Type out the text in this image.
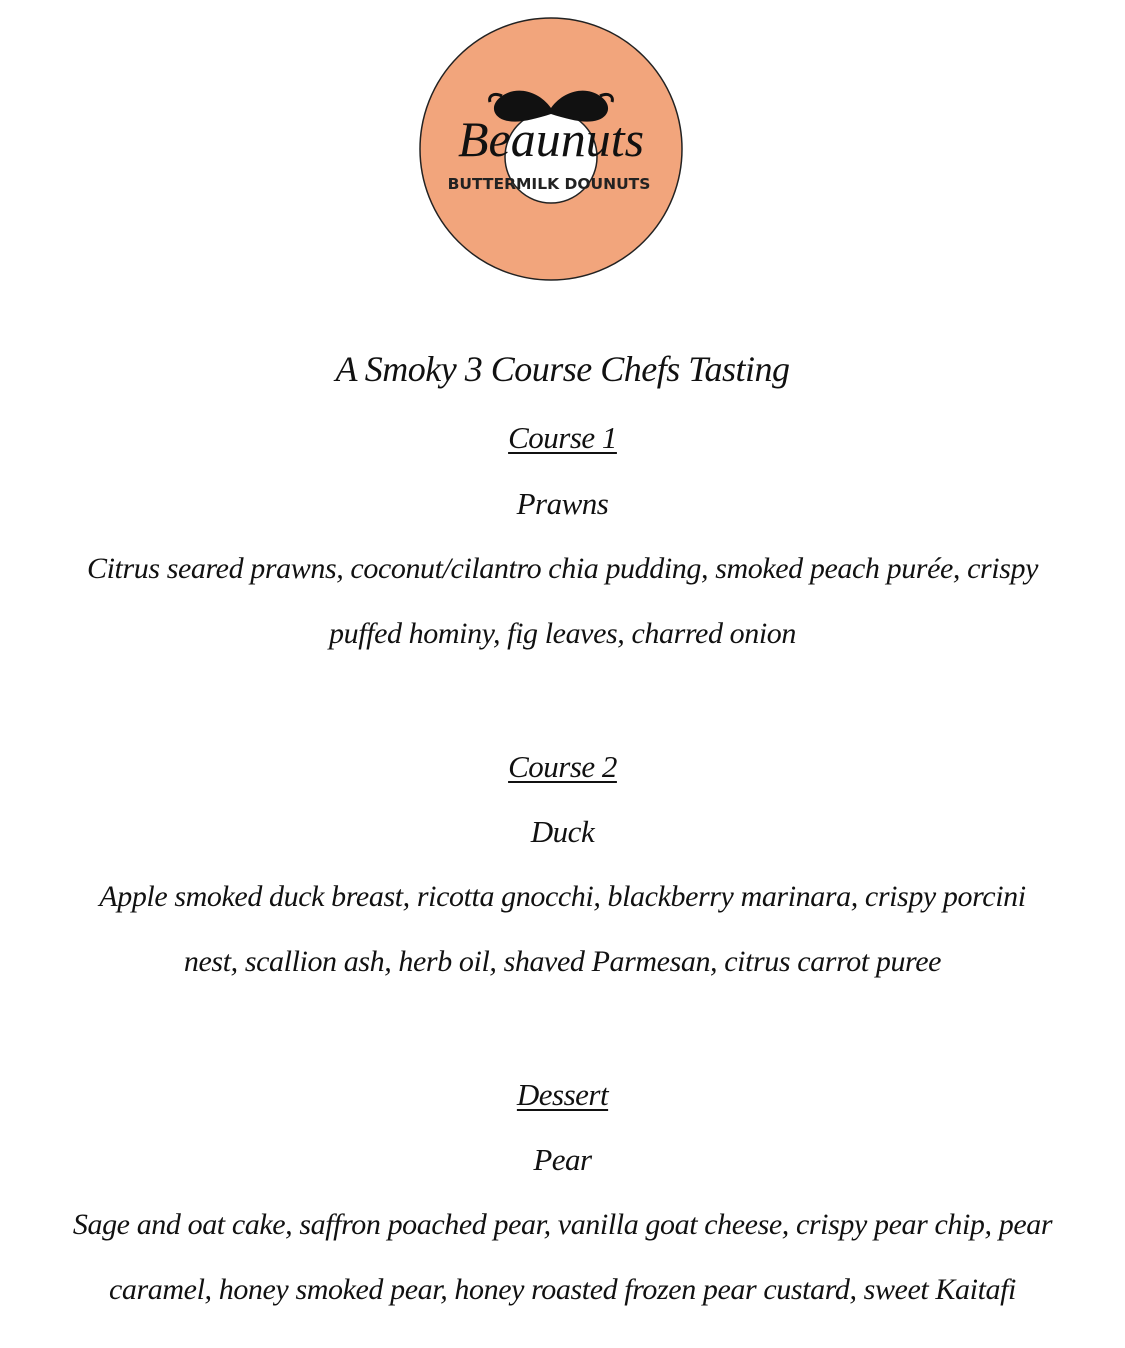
Beaunuts
BUTTERMILK DOUNUTS
A Smoky 3 Course Chefs Tasting
Course 1
Prawns
Citrus seared prawns, coconut/cilantro chia pudding, smoked peach purée, crispy
puffed hominy, fig leaves, charred onion
Course 2
Duck
Apple smoked duck breast, ricotta gnocchi, blackberry marinara, crispy porcini
nest, scallion ash, herb oil, shaved Parmesan, citrus carrot puree
Dessert
Pear
Sage and oat cake, saffron poached pear, vanilla goat cheese, crispy pear chip, pear
caramel, honey smoked pear, honey roasted frozen pear custard, sweet Kaitafi
